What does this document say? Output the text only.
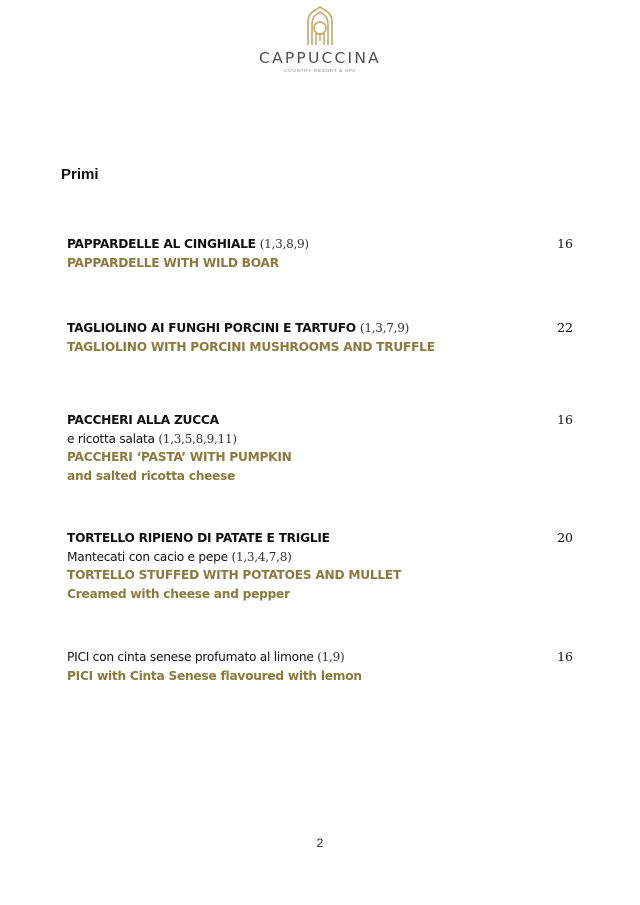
CAPPUCCINA
COUNTRY RESORT & SPA
Primi
PAPPARDELLE AL CINGHIALE (1,3,8,9)
PAPPARDELLE WITH WILD BOAR
16
TAGLIOLINO AI FUNGHI PORCINI E TARTUFO (1,3,7,9)
TAGLIOLINO WITH PORCINI MUSHROOMS AND TRUFFLE
22
PACCHERI ALLA ZUCCA
e ricotta salata (1,3,5,8,9,11)
PACCHERI ‘PASTA’ WITH PUMPKIN
and salted ricotta cheese
16
TORTELLO RIPIENO DI PATATE E TRIGLIE
Mantecati con cacio e pepe (1,3,4,7,8)
TORTELLO STUFFED WITH POTATOES AND MULLET
Creamed with cheese and pepper
20
PICI con cinta senese profumato al limone (1,9)
PICI with Cinta Senese flavoured with lemon
16
2
